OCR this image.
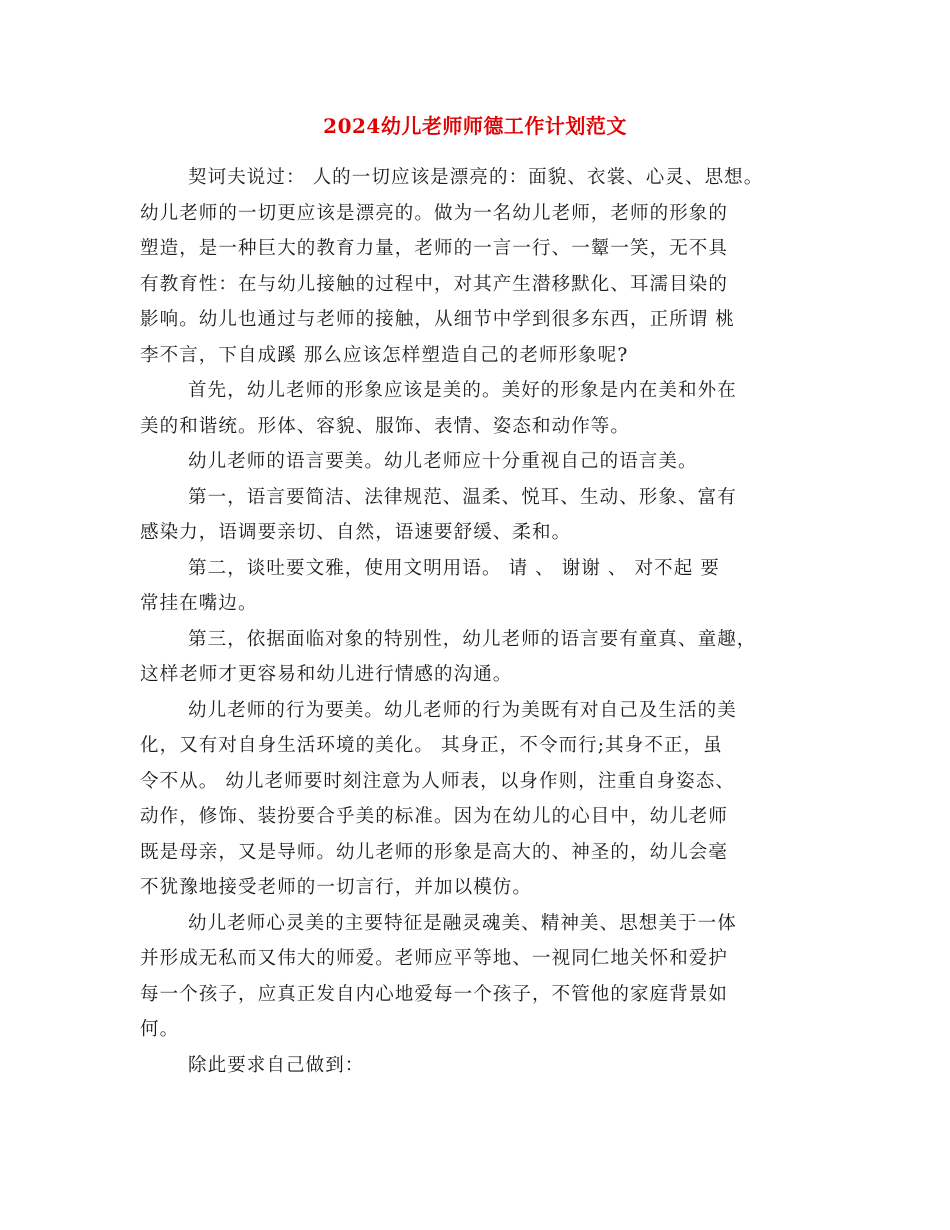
2024幼儿老师师德工作计划范文

契诃夫说过： 人的一切应该是漂亮的：面貌、衣裳、心灵、思想。
幼儿老师的一切更应该是漂亮的。做为一名幼儿老师，老师的形象的
塑造，是一种巨大的教育力量，老师的一言一行、一颦一笑，无不具
有教育性：在与幼儿接触的过程中，对其产生潜移默化、耳濡目染的
影响。幼儿也通过与老师的接触，从细节中学到很多东西，正所谓 桃
李不言，下自成蹊 那么应该怎样塑造自己的老师形象呢?

首先，幼儿老师的形象应该是美的。美好的形象是内在美和外在
美的和谐统。形体、容貌、服饰、表情、姿态和动作等。

幼儿老师的语言要美。幼儿老师应十分重视自己的语言美。

第一，语言要简洁、法律规范、温柔、悦耳、生动、形象、富有
感染力，语调要亲切、自然，语速要舒缓、柔和。

第二，谈吐要文雅，使用文明用语。 请 、 谢谢 、 对不起 要
常挂在嘴边。

第三，依据面临对象的特别性，幼儿老师的语言要有童真、童趣，
这样老师才更容易和幼儿进行情感的沟通。

幼儿老师的行为要美。幼儿老师的行为美既有对自己及生活的美
化，又有对自身生活环境的美化。 其身正，不令而行;其身不正，虽
令不从。 幼儿老师要时刻注意为人师表，以身作则，注重自身姿态、
动作，修饰、装扮要合乎美的标准。因为在幼儿的心目中，幼儿老师
既是母亲，又是导师。幼儿老师的形象是高大的、神圣的，幼儿会毫
不犹豫地接受老师的一切言行，并加以模仿。

幼儿老师心灵美的主要特征是融灵魂美、精神美、思想美于一体
并形成无私而又伟大的师爱。老师应平等地、一视同仁地关怀和爱护
每一个孩子，应真正发自内心地爱每一个孩子，不管他的家庭背景如
何。

除此要求自己做到：
